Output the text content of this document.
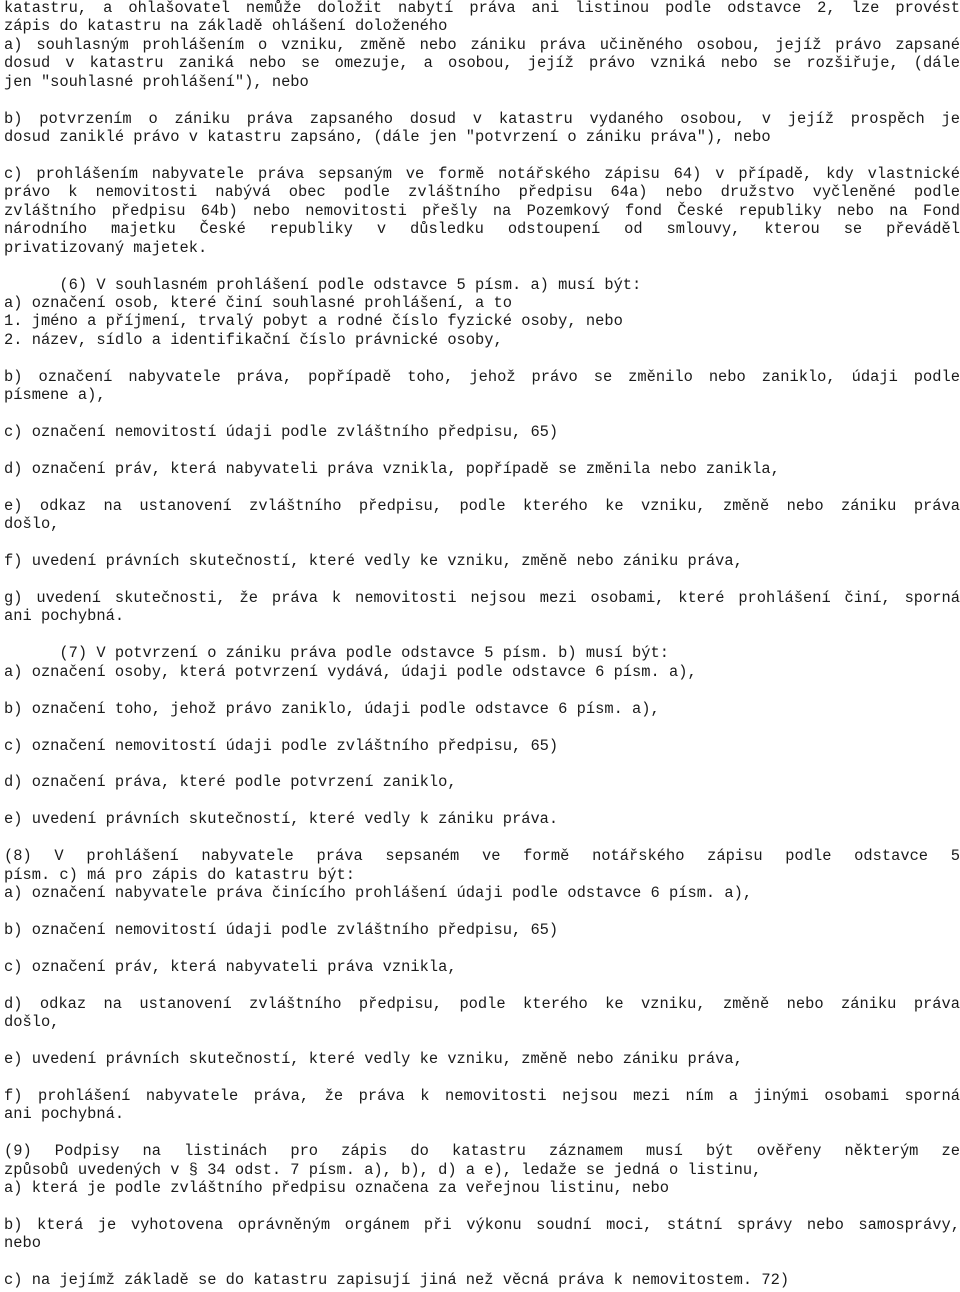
katastru, a ohlašovatel nemůže doložit nabytí práva ani listinou podle odstavce 2, lze provést
zápis do katastru na základě ohlášení doloženého
a) souhlasným prohlášením o vzniku, změně nebo zániku práva učiněného osobou, jejíž právo zapsané
dosud v katastru zaniká nebo se omezuje, a osobou, jejíž právo vzniká nebo se rozšiřuje, (dále
jen "souhlasné prohlášení"), nebo
b) potvrzením o zániku práva zapsaného dosud v katastru vydaného osobou, v jejíž prospěch je
dosud zaniklé právo v katastru zapsáno, (dále jen "potvrzení o zániku práva"), nebo
c) prohlášením nabyvatele práva sepsaným ve formě notářského zápisu 64) v případě, kdy vlastnické
právo k nemovitosti nabývá obec podle zvláštního předpisu 64a) nebo družstvo vyčleněné podle
zvláštního předpisu 64b) nebo nemovitosti přešly na Pozemkový fond České republiky nebo na Fond
národního majetku České republiky v důsledku odstoupení od smlouvy, kterou se převáděl
privatizovaný majetek.
(6) V souhlasném prohlášení podle odstavce 5 písm. a) musí být:
a) označení osob, které činí souhlasné prohlášení, a to
1. jméno a příjmení, trvalý pobyt a rodné číslo fyzické osoby, nebo
2. název, sídlo a identifikační číslo právnické osoby,
b) označení nabyvatele práva, popřípadě toho, jehož právo se změnilo nebo zaniklo, údaji podle
písmene a),
c) označení nemovitostí údaji podle zvláštního předpisu, 65)
d) označení práv, která nabyvateli práva vznikla, popřípadě se změnila nebo zanikla,
e) odkaz na ustanovení zvláštního předpisu, podle kterého ke vzniku, změně nebo zániku práva
došlo,
f) uvedení právních skutečností, které vedly ke vzniku, změně nebo zániku práva,
g) uvedení skutečnosti, že práva k nemovitosti nejsou mezi osobami, které prohlášení činí, sporná
ani pochybná.
(7) V potvrzení o zániku práva podle odstavce 5 písm. b) musí být:
a) označení osoby, která potvrzení vydává, údaji podle odstavce 6 písm. a),
b) označení toho, jehož právo zaniklo, údaji podle odstavce 6 písm. a),
c) označení nemovitostí údaji podle zvláštního předpisu, 65)
d) označení práva, které podle potvrzení zaniklo,
e) uvedení právních skutečností, které vedly k zániku práva.
(8) V prohlášení nabyvatele práva sepsaném ve formě notářského zápisu podle odstavce 5
písm. c) má pro zápis do katastru být:
a) označení nabyvatele práva činícího prohlášení údaji podle odstavce 6 písm. a),
b) označení nemovitostí údaji podle zvláštního předpisu, 65)
c) označení práv, která nabyvateli práva vznikla,
d) odkaz na ustanovení zvláštního předpisu, podle kterého ke vzniku, změně nebo zániku práva
došlo,
e) uvedení právních skutečností, které vedly ke vzniku, změně nebo zániku práva,
f) prohlášení nabyvatele práva, že práva k nemovitosti nejsou mezi ním a jinými osobami sporná
ani pochybná.
(9) Podpisy na listinách pro zápis do katastru záznamem musí být ověřeny některým ze
způsobů uvedených v § 34 odst. 7 písm. a), b), d) a e), ledaže se jedná o listinu,
a) která je podle zvláštního předpisu označena za veřejnou listinu, nebo
b) která je vyhotovena oprávněným orgánem při výkonu soudní moci, státní správy nebo samosprávy,
nebo
c) na jejímž základě se do katastru zapisují jiná než věcná práva k nemovitostem. 72)
